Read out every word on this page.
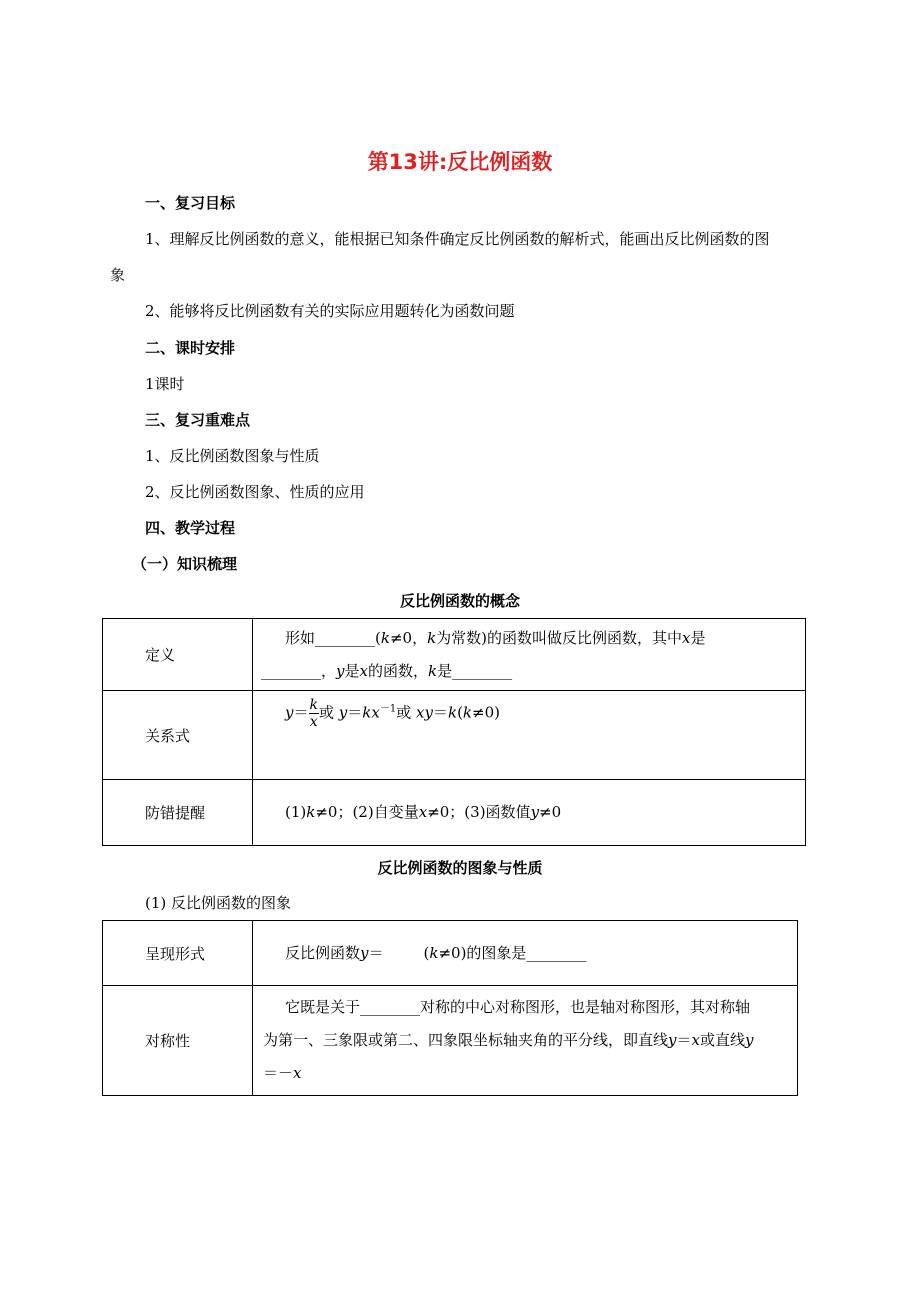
第13讲:反比例函数
一、复习目标
1、理解反比例函数的意义，能根据已知条件确定反比例函数的解析式，能画出反比例函数的图
象
2、能够将反比例函数有关的实际应用题转化为函数问题
二、课时安排
1课时
三、复习重难点
1、反比例函数图象与性质
2、反比例函数图象、性质的应用
四、教学过程
（一）知识梳理
反比例函数的概念
定义	形如________(k≠0，k为常数)的函数叫做反比例函数，其中x是
________，y是x的函数，k是________

关系式	$y= \frac{k}{x}$ 或 $y=kx^{-1}$或 xy＝k(k≠0)
防错提醒	(1)k≠0；(2)自变量x≠0；(3)函数值y≠0
反比例函数的图象与性质
(1) 反比例函数的图象
呈现形式	反比例函数y＝ (k≠0)的图象是________
对称性	它既是关于________对称的中心对称图形，也是轴对称图形，其对称轴
为第一、三象限或第二、四象限坐标轴夹角的平分线，即直线y＝x或直线y
＝－x
